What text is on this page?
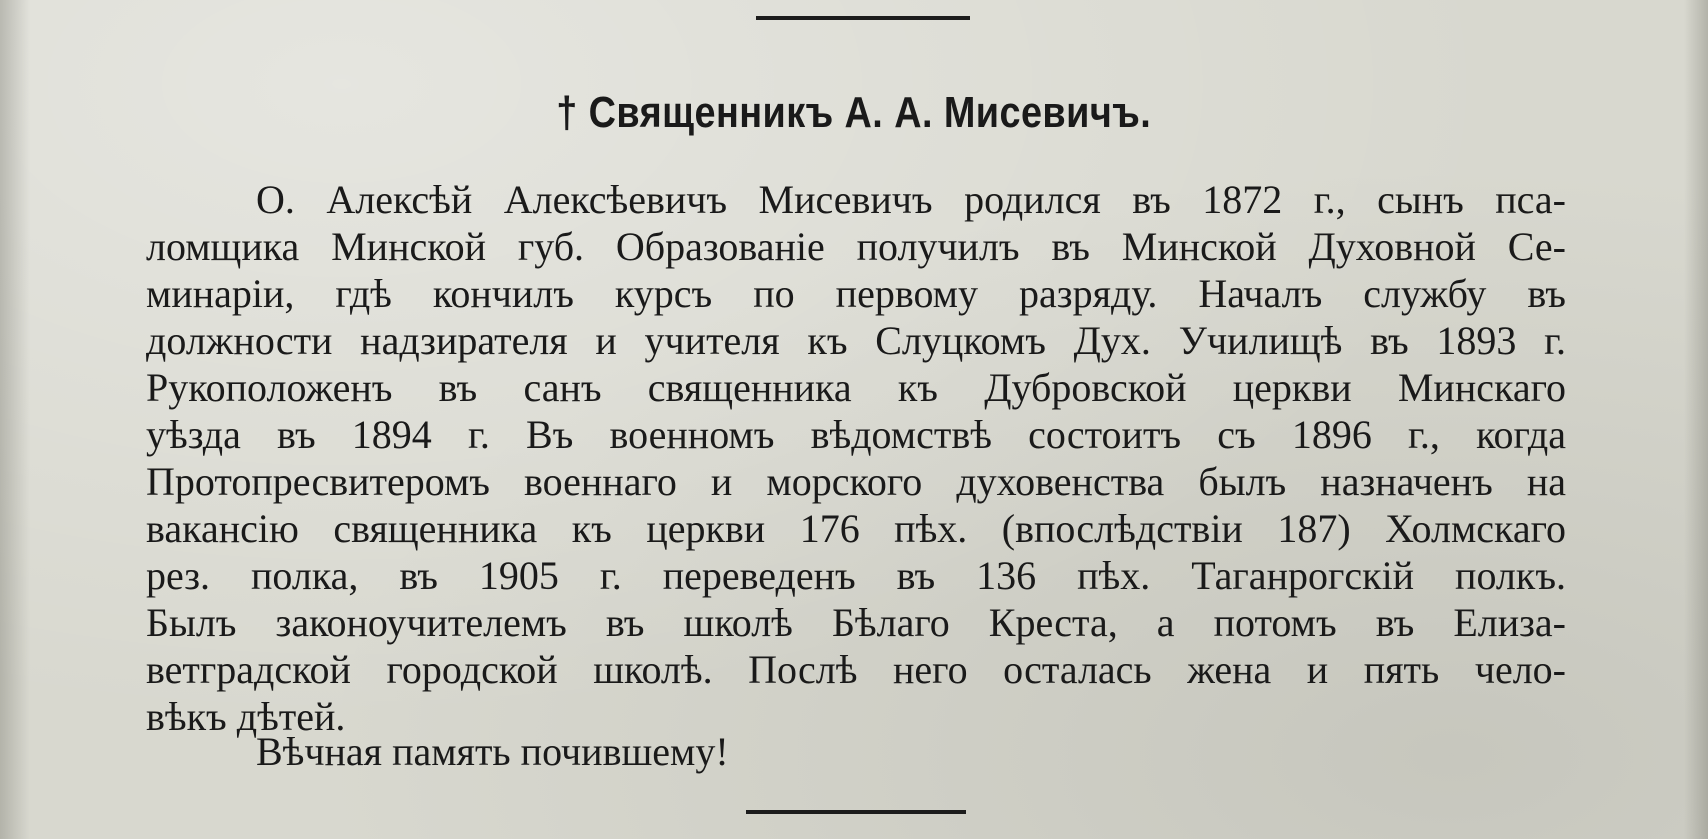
† Священникъ А. А. Мисевичъ.
О. Алексѣй Алексѣевичъ Мисевичъ родился въ 1872 г., сынъ пса-
ломщика Минской губ. Образованіе получилъ въ Минской Духовной Се-
минаріи, гдѣ кончилъ курсъ по первому разряду. Началъ службу въ
должности надзирателя и учителя къ Слуцкомъ Дух. Училищѣ въ 1893 г.
Рукоположенъ въ санъ священника къ Дубровской церкви Минскаго
уѣзда въ 1894 г. Въ военномъ вѣдомствѣ состоитъ съ 1896 г., когда
Протопресвитеромъ военнаго и морского духовенства былъ назначенъ на
вакансію священника къ церкви 176 пѣх. (впослѣдствіи 187) Холмскаго
рез. полка, въ 1905 г. переведенъ въ 136 пѣх. Таганрогскій полкъ.
Былъ законоучителемъ въ школѣ Бѣлаго Креста, а потомъ въ Елиза-
ветградской городской школѣ. Послѣ него осталась жена и пять чело-
вѣкъ дѣтей.
Вѣчная память почившему!
